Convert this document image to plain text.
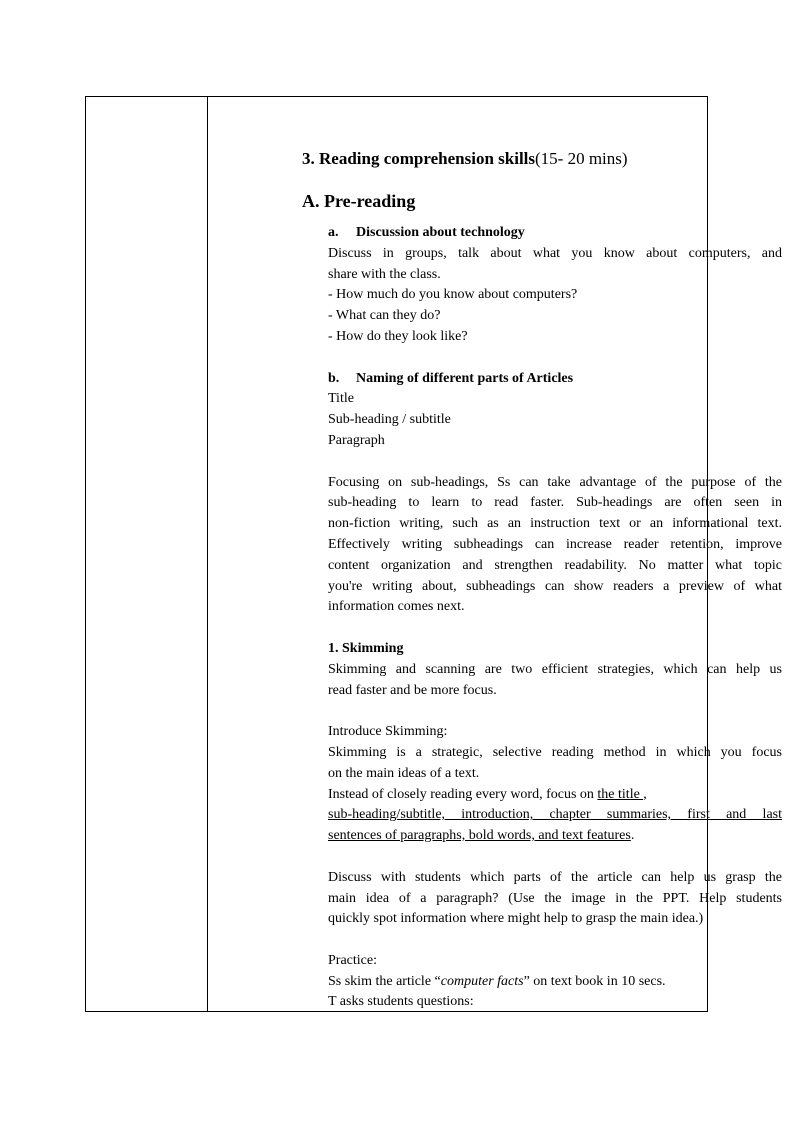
3. Reading comprehension skills(15- 20 mins)
A. Pre-reading
a. Discussion about technology
Discuss in groups, talk about what you know about computers, and
share with the class.
- How much do you know about computers?
- What can they do?
- How do they look like?
b. Naming of different parts of Articles
Title
Sub-heading / subtitle
Paragraph
Focusing on sub-headings, Ss can take advantage of the purpose of the
sub-heading to learn to read faster. Sub-headings are often seen in
non-fiction writing, such as an instruction text or an informational text.
Effectively writing subheadings can increase reader retention, improve
content organization and strengthen readability. No matter what topic
you're writing about, subheadings can show readers a preview of what
information comes next.
1. Skimming
Skimming and scanning are two efficient strategies, which can help us
read faster and be more focus.
Introduce Skimming:
Skimming is a strategic, selective reading method in which you focus
on the main ideas of a text.
Instead of closely reading every word, focus on the title ,
sub-heading/subtitle, introduction, chapter summaries, first and last
sentences of paragraphs, bold words, and text features.
Discuss with students which parts of the article can help us grasp the
main idea of a paragraph? (Use the image in the PPT. Help students
quickly spot information where might help to grasp the main idea.)
Practice:
Ss skim the article “computer facts” on text book in 10 secs.
T asks students questions:
